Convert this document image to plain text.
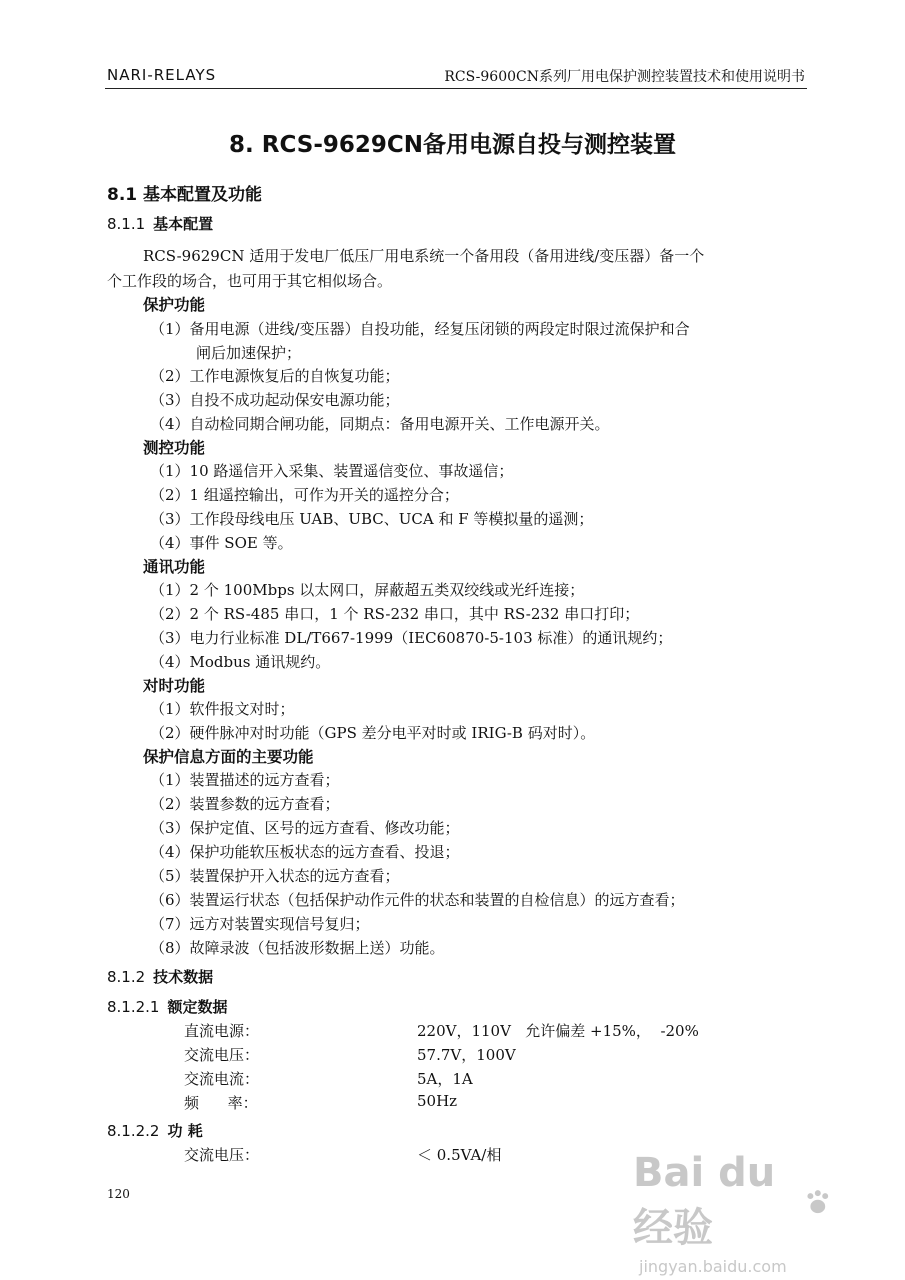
NARI-RELAYS	RCS-9600CN系列厂用电保护测控装置技术和使用说明书
8. RCS-9629CN备用电源自投与测控装置
8.1 基本配置及功能
8.1.1 基本配置
RCS-9629CN 适用于发电厂低压厂用电系统一个备用段（备用进线/变压器）备一个
个工作段的场合，也可用于其它相似场合。
保护功能
（1）备用电源（进线/变压器）自投功能，经复压闭锁的两段定时限过流保护和合
闸后加速保护；
（2）工作电源恢复后的自恢复功能；
（3）自投不成功起动保安电源功能；
（4）自动检同期合闸功能，同期点：备用电源开关、工作电源开关。
测控功能
（1）10 路遥信开入采集、装置遥信变位、事故遥信；
（2）1 组遥控输出，可作为开关的遥控分合；
（3）工作段母线电压 UAB、UBC、UCA 和 F 等模拟量的遥测；
（4）事件 SOE 等。
通讯功能
（1）2 个 100Mbps 以太网口，屏蔽超五类双绞线或光纤连接；
（2）2 个 RS-485 串口，1 个 RS-232 串口，其中 RS-232 串口打印；
（3）电力行业标准 DL/T667-1999（IEC60870-5-103 标准）的通讯规约；
（4）Modbus 通讯规约。
对时功能
（1）软件报文对时；
（2）硬件脉冲对时功能（GPS 差分电平对时或 IRIG-B 码对时）。
保护信息方面的主要功能
（1）装置描述的远方查看；
（2）装置参数的远方查看；
（3）保护定值、区号的远方查看、修改功能；
（4）保护功能软压板状态的远方查看、投退；
（5）装置保护开入状态的远方查看；
（6）装置运行状态（包括保护动作元件的状态和装置的自检信息）的远方查看；
（7）远方对装置实现信号复归；
（8）故障录波（包括波形数据上送）功能。
8.1.2 技术数据
8.1.2.1 额定数据
直流电源：	220V，110V   允许偏差 +15%，  -20%
交流电压：	57.7V，100V
交流电流：	5A，1A
频      率：	50Hz
8.1.2.2 功 耗
交流电压：	＜ 0.5VA/相
120	Bai du 经验
jingyan.baidu.com
